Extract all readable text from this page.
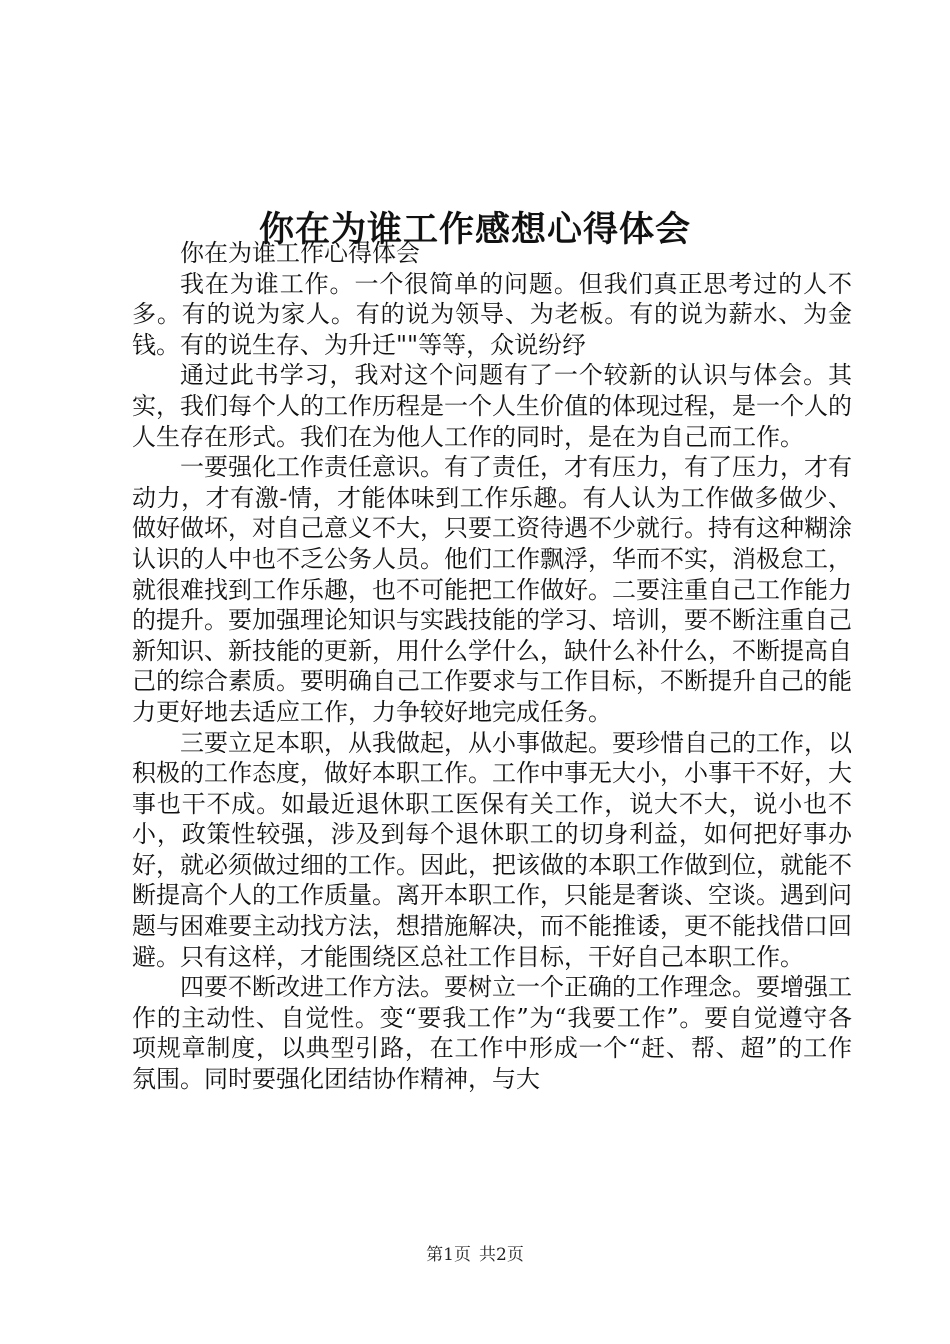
你在为谁工作感想心得体会

你在为谁工作心得体会

我在为谁工作。一个很简单的问题。但我们真正思考过的人不多。有的说为家人。有的说为领导、为老板。有的说为薪水、为金钱。有的说生存、为升迁""等等，众说纷纾

通过此书学习，我对这个问题有了一个较新的认识与体会。其实，我们每个人的工作历程是一个人生价值的体现过程，是一个人的人生存在形式。我们在为他人工作的同时，是在为自己而工作。

一要强化工作责任意识。有了责任，才有压力，有了压力，才有动力，才有激-情，才能体味到工作乐趣。有人认为工作做多做少、做好做坏，对自己意义不大，只要工资待遇不少就行。持有这种糊涂认识的人中也不乏公务人员。他们工作飘浮，华而不实，消极怠工，就很难找到工作乐趣，也不可能把工作做好。二要注重自己工作能力的提升。要加强理论知识与实践技能的学习、培训，要不断注重自己新知识、新技能的更新，用什么学什么，缺什么补什么，不断提高自己的综合素质。要明确自己工作要求与工作目标，不断提升自己的能力更好地去适应工作，力争较好地完成任务。

三要立足本职，从我做起，从小事做起。要珍惜自己的工作，以积极的工作态度，做好本职工作。工作中事无大小，小事干不好，大事也干不成。如最近退休职工医保有关工作，说大不大，说小也不小，政策性较强，涉及到每个退休职工的切身利益，如何把好事办好，就必须做过细的工作。因此，把该做的本职工作做到位，就能不断提高个人的工作质量。离开本职工作，只能是奢谈、空谈。遇到问题与困难要主动找方法，想措施解决，而不能推诿，更不能找借口回避。只有这样，才能围绕区总社工作目标，干好自己本职工作。

四要不断改进工作方法。要树立一个正确的工作理念。要增强工作的主动性、自觉性。变“要我工作”为“我要工作”。要自觉遵守各项规章制度，以典型引路，在工作中形成一个“赶、帮、超”的工作氛围。同时要强化团结协作精神，与大

第1页 共2页
